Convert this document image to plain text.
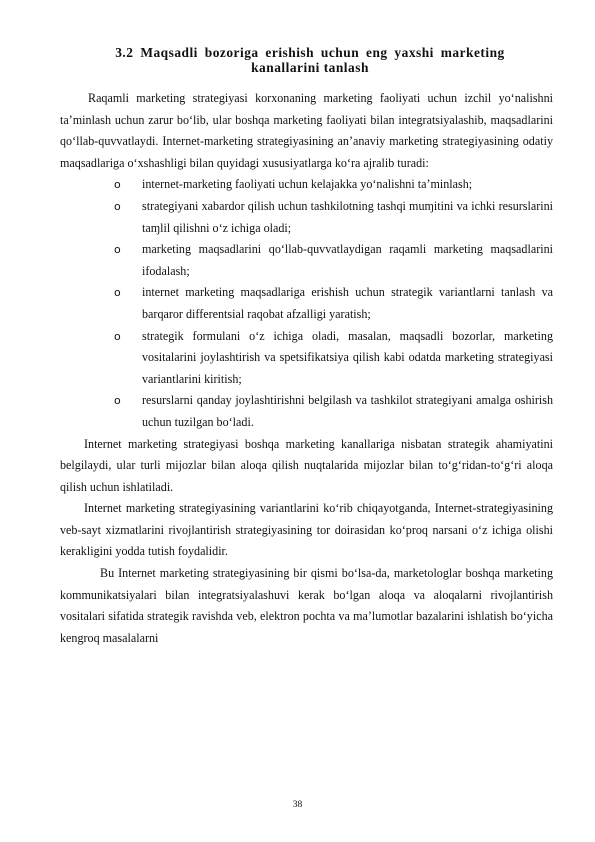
3.2 Maqsadli bozoriga erishish uchun eng yaxshi marketing
kanallarini tanlash

Raqamli marketing strategiyasi korxonaning marketing faoliyati uchun izchil yo‘nalishni ta’minlash uchun zarur bo‘lib, ular boshqa marketing faoliyati bilan integratsiyalashib, maqsadlarini qo‘llab-quvvatlaydi. Internet-marketing strategiyasining an’anaviy marketing strategiyasining odatiy maqsadlariga o‘xshashligi bilan quyidagi xususiyatlarga ko‘ra ajralib turadi:

o internet-marketing faoliyati uchun kelajakka yo‘nalishni ta’minlash;
o strategiyani xabardor qilish uchun tashkilotning tashqi muɱitini va ichki resurslarini taɱlil qilishni o‘z ichiga oladi;
o marketing maqsadlarini qo‘llab-quvvatlaydigan raqamli marketing maqsadlarini ifodalash;
o internet marketing maqsadlariga erishish uchun strategik variantlarni tanlash va barqaror differentsial raqobat afzalligi yaratish;
o strategik formulani o‘z ichiga oladi, masalan, maqsadli bozorlar, marketing vositalarini joylashtirish va spetsifikatsiya qilish kabi odatda marketing strategiyasi variantlarini kiritish;
o resurslarni qanday joylashtirishni belgilash va tashkilot strategiyani amalga oshirish uchun tuzilgan bo‘ladi.

Internet marketing strategiyasi boshqa marketing kanallariga nisbatan strategik ahamiyatini belgilaydi, ular turli mijozlar bilan aloqa qilish nuqtalarida mijozlar bilan to‘g‘ridan-to‘g‘ri aloqa qilish uchun ishlatiladi.

Internet marketing strategiyasining variantlarini ko‘rib chiqayotganda, Internet-strategiyasining veb-sayt xizmatlarini rivojlantirish strategiyasining tor doirasidan ko‘proq narsani o‘z ichiga olishi kerakligini yodda tutish foydalidir.

Bu Internet marketing strategiyasining bir qismi bo‘lsa-da, marketologlar boshqa marketing kommunikatsiyalari bilan integratsiyalashuvi kerak bo‘lgan aloqa va aloqalarni rivojlantirish vositalari sifatida strategik ravishda veb, elektron pochta va ma’lumotlar bazalarini ishlatish bo‘yicha kengroq masalalarni

38
